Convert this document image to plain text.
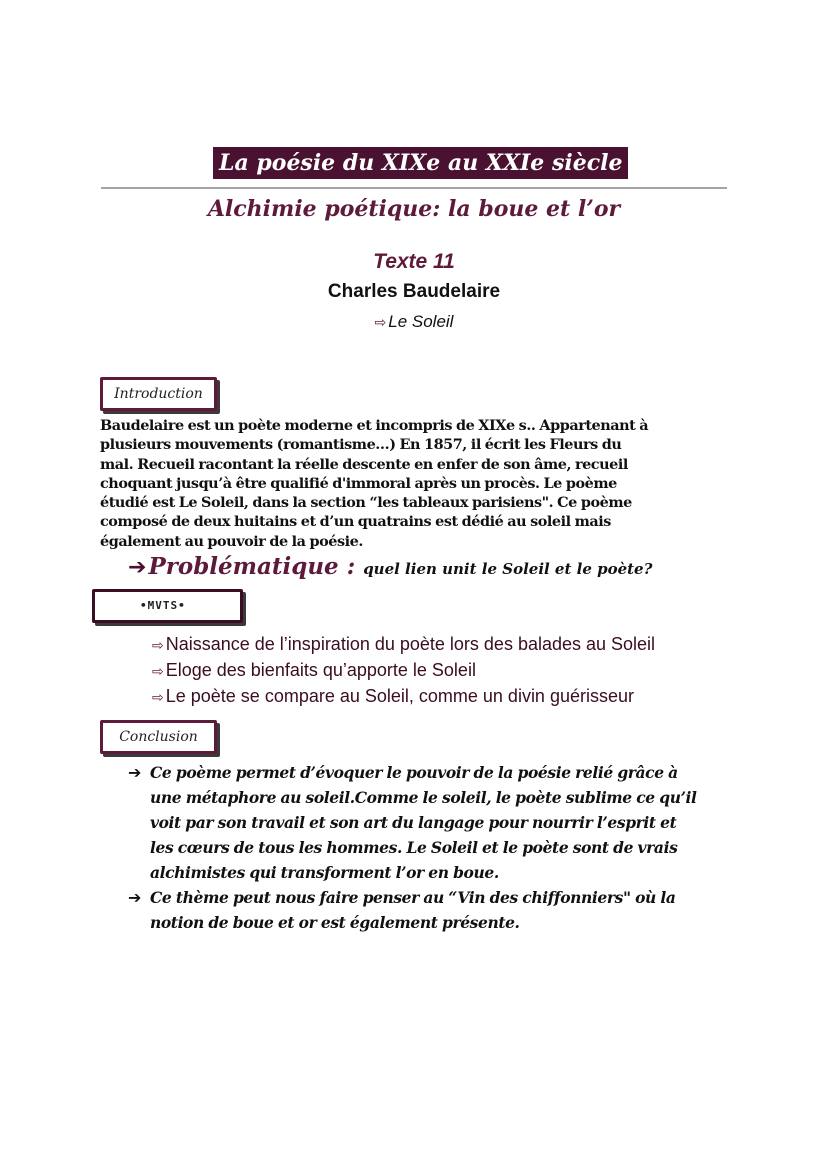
La poésie du XIXe au XXIe siècle
Alchimie poétique: la boue et l’or
Texte 11
Charles Baudelaire
⇨ Le Soleil
Introduction
Baudelaire est un poète moderne et incompris de XIXe s.. Appartenant à
plusieurs mouvements (romantisme…) En 1857, il écrit les Fleurs du
mal. Recueil racontant la réelle descente en enfer de son âme, recueil
choquant jusqu’à être qualifié d'immoral après un procès. Le poème
étudié est Le Soleil, dans la section “les tableaux parisiens". Ce poème
composé de deux huitains et d’un quatrains est dédié au soleil mais
également au pouvoir de la poésie.
➔Problématique : quel lien unit le Soleil et le poète?
•MVTS•
⇨ Naissance de l’inspiration du poète lors des balades au Soleil
⇨ Eloge des bienfaits qu’apporte le Soleil
⇨ Le poète se compare au Soleil, comme un divin guérisseur
Conclusion
➔ Ce poème permet d’évoquer le pouvoir de la poésie relié grâce à
une métaphore au soleil.Comme le soleil, le poète sublime ce qu’il
voit par son travail et son art du langage pour nourrir l’esprit et
les cœurs de tous les hommes. Le Soleil et le poète sont de vrais
alchimistes qui transforment l’or en boue.
➔ Ce thème peut nous faire penser au “Vin des chiffonniers" où la
notion de boue et or est également présente.
